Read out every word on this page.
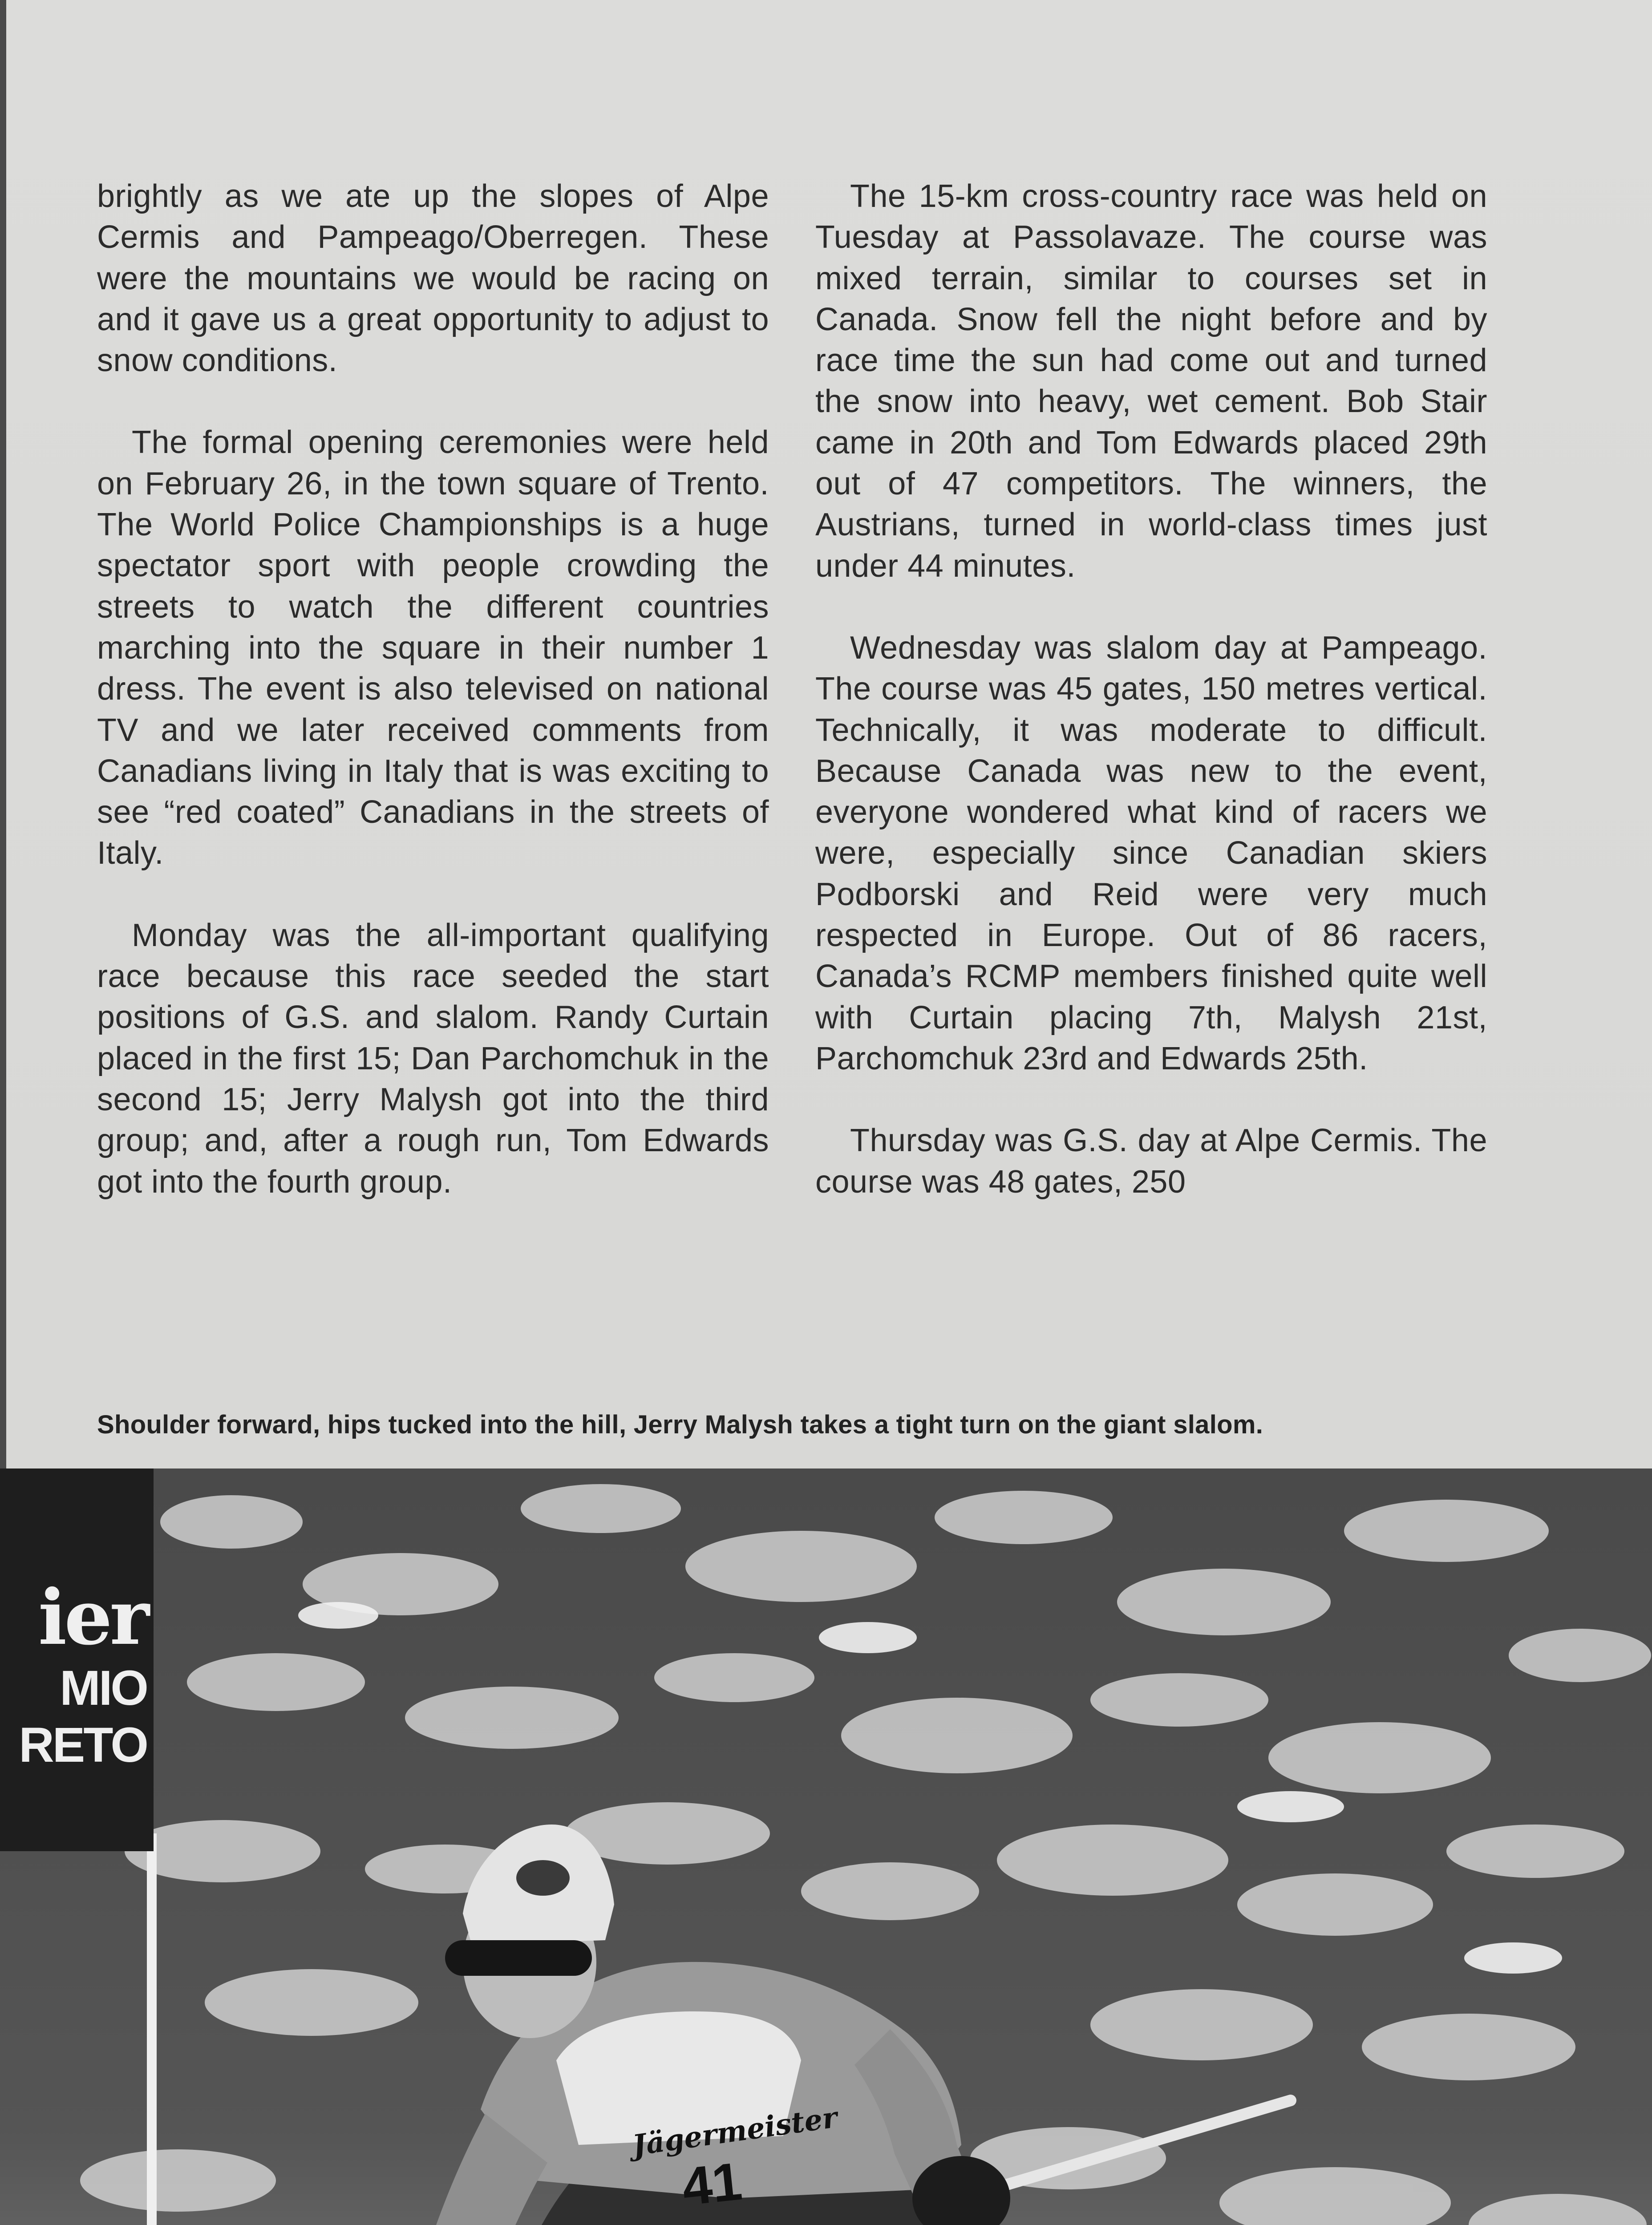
brightly as we ate up the slopes of Alpe Cermis and Pampeago/Oberregen. These were the mountains we would be racing on and it gave us a great opportunity to adjust to snow conditions.

The formal opening ceremonies were held on February 26, in the town square of Trento. The World Police Championships is a huge spectator sport with people crowding the streets to watch the different countries marching into the square in their number 1 dress. The event is also televised on national TV and we later received comments from Canadians living in Italy that is was exciting to see “red coated” Canadians in the streets of Italy.

Monday was the all-important qualifying race because this race seeded the start positions of G.S. and slalom. Randy Curtain placed in the first 15; Dan Parchomchuk in the second 15; Jerry Malysh got into the third group; and, after a rough run, Tom Edwards got into the fourth group.

The 15-km cross-country race was held on Tuesday at Passolavaze. The course was mixed terrain, similar to courses set in Canada. Snow fell the night before and by race time the sun had come out and turned the snow into heavy, wet cement. Bob Stair came in 20th and Tom Edwards placed 29th out of 47 competitors. The winners, the Austrians, turned in world-class times just under 44 minutes.

Wednesday was slalom day at Pampeago. The course was 45 gates, 150 metres vertical. Technically, it was moderate to difficult. Because Canada was new to the event, everyone wondered what kind of racers we were, especially since Canadian skiers Podborski and Reid were very much respected in Europe. Out of 86 racers, Canada’s RCMP members finished quite well with Curtain placing 7th, Malysh 21st, Parchomchuk 23rd and Edwards 25th.

Thursday was G.S. day at Alpe Cermis. The course was 48 gates, 250

Shoulder forward, hips tucked into the hill, Jerry Malysh takes a tight turn on the giant slalom.
ier
MIO
RETO
Jägermeister
41
